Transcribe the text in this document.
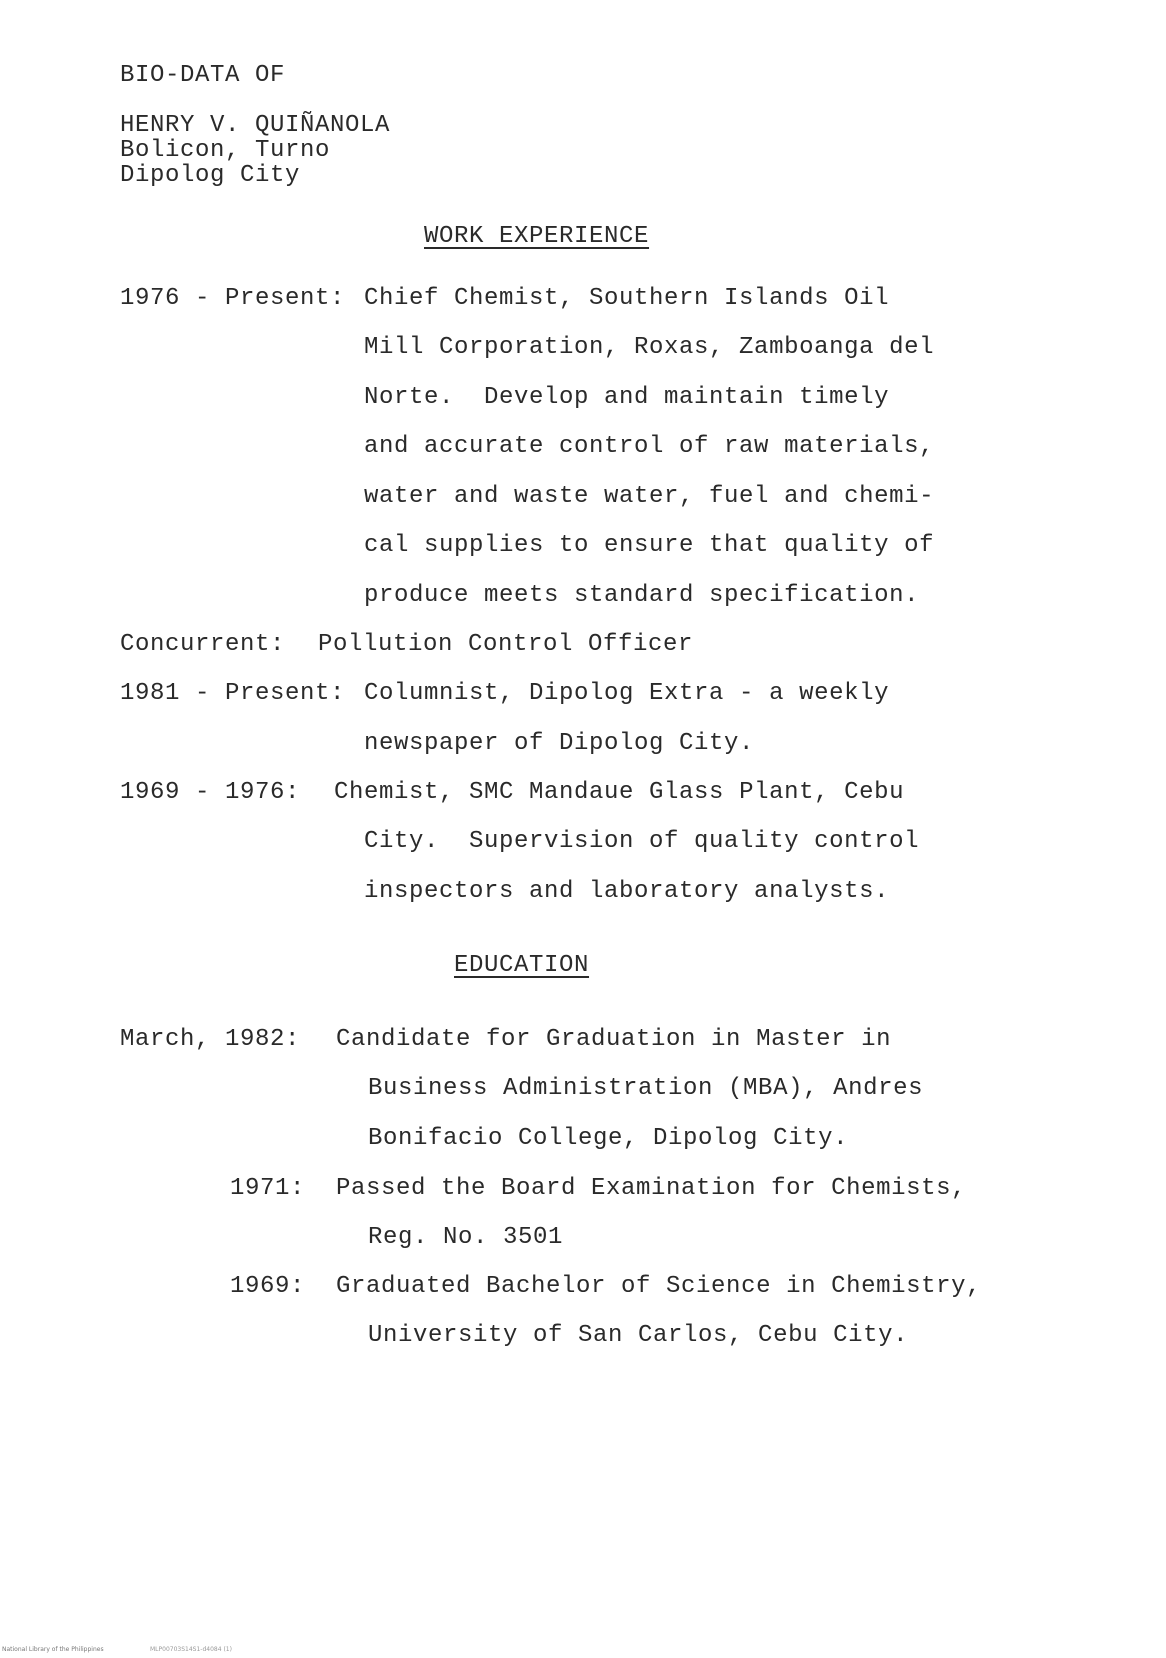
BIO-DATA OF
HENRY V. QUIÑANOLA
Bolicon, Turno
Dipolog City
WORK EXPERIENCE
1976 - Present: Chief Chemist, Southern Islands Oil
Mill Corporation, Roxas, Zamboanga del
Norte.  Develop and maintain timely
and accurate control of raw materials,
water and waste water, fuel and chemi-
cal supplies to ensure that quality of
produce meets standard specification.
Concurrent: Pollution Control Officer
1981 - Present: Columnist, Dipolog Extra - a weekly
newspaper of Dipolog City.
1969 - 1976: Chemist, SMC Mandaue Glass Plant, Cebu
City.  Supervision of quality control
inspectors and laboratory analysts.
EDUCATION
March, 1982: Candidate for Graduation in Master in
Business Administration (MBA), Andres
Bonifacio College, Dipolog City.
1971: Passed the Board Examination for Chemists,
Reg. No. 3501
1969: Graduated Bachelor of Science in Chemistry,
University of San Carlos, Cebu City.
National Library of the Philippines	MLP00703S14S1-d4084 (1)
